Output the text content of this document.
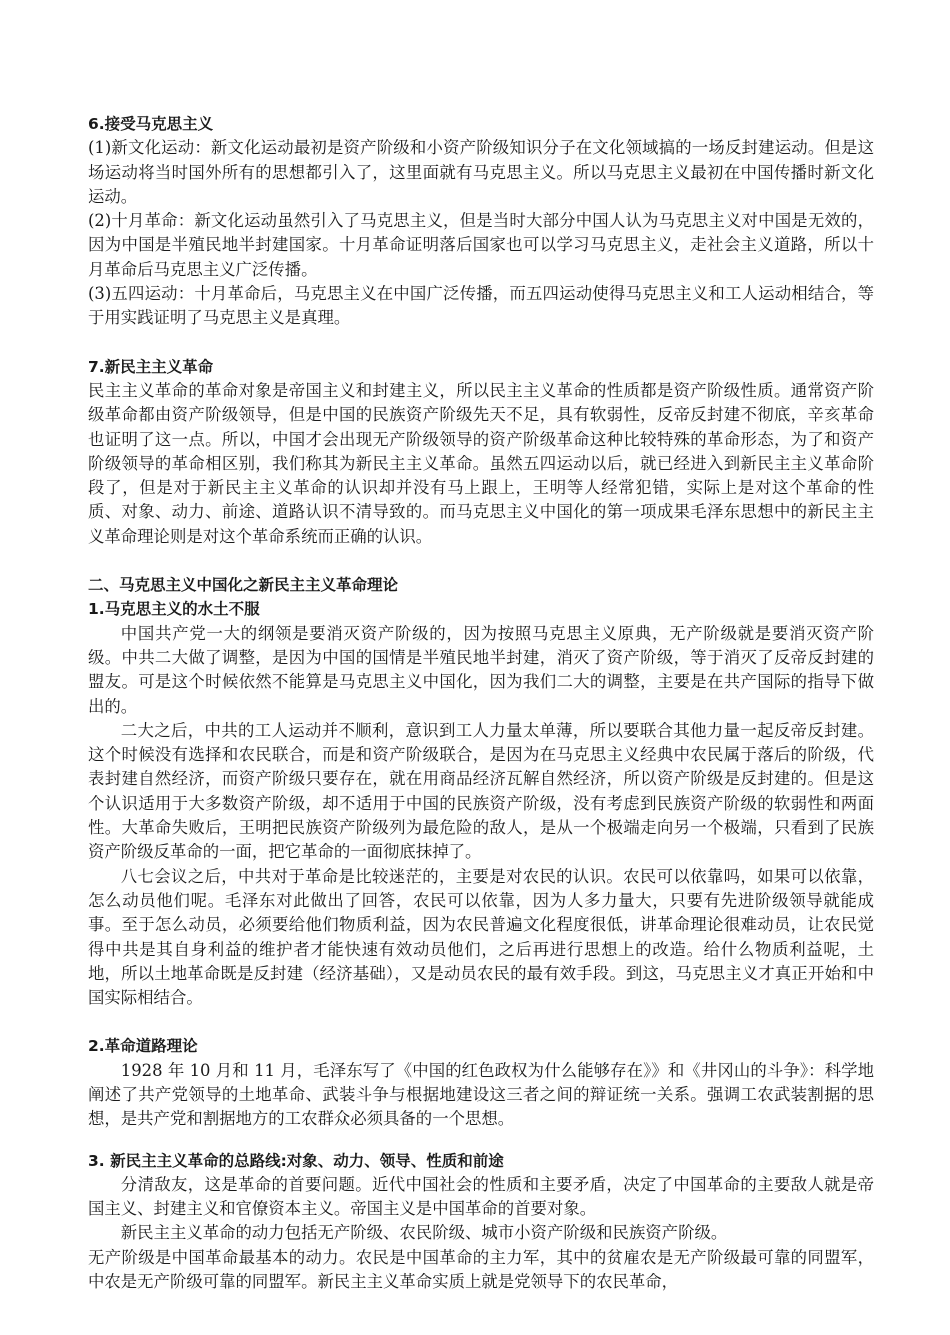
6.接受马克思主义

(1)新文化运动：新文化运动最初是资产阶级和小资产阶级知识分子在文化领域搞的一场反封建运动。但是这场运动将当时国外所有的思想都引入了，这里面就有马克思主义。所以马克思主义最初在中国传播时新文化运动。

(2)十月革命：新文化运动虽然引入了马克思主义，但是当时大部分中国人认为马克思主义对中国是无效的，因为中国是半殖民地半封建国家。十月革命证明落后国家也可以学习马克思主义，走社会主义道路，所以十月革命后马克思主义广泛传播。

(3)五四运动：十月革命后，马克思主义在中国广泛传播，而五四运动使得马克思主义和工人运动相结合，等于用实践证明了马克思主义是真理。

7.新民主主义革命

民主主义革命的革命对象是帝国主义和封建主义，所以民主主义革命的性质都是资产阶级性质。通常资产阶级革命都由资产阶级领导，但是中国的民族资产阶级先天不足，具有软弱性，反帝反封建不彻底，辛亥革命也证明了这一点。所以，中国才会出现无产阶级领导的资产阶级革命这种比较特殊的革命形态，为了和资产阶级领导的革命相区别，我们称其为新民主主义革命。虽然五四运动以后，就已经进入到新民主主义革命阶段了，但是对于新民主主义革命的认识却并没有马上跟上，王明等人经常犯错，实际上是对这个革命的性质、对象、动力、前途、道路认识不清导致的。而马克思主义中国化的第一项成果毛泽东思想中的新民主主义革命理论则是对这个革命系统而正确的认识。

二、马克思主义中国化之新民主主义革命理论

1.马克思主义的水土不服

中国共产党一大的纲领是要消灭资产阶级的，因为按照马克思主义原典，无产阶级就是要消灭资产阶级。中共二大做了调整，是因为中国的国情是半殖民地半封建，消灭了资产阶级，等于消灭了反帝反封建的盟友。可是这个时候依然不能算是马克思主义中国化，因为我们二大的调整，主要是在共产国际的指导下做出的。

二大之后，中共的工人运动并不顺利，意识到工人力量太单薄，所以要联合其他力量一起反帝反封建。这个时候没有选择和农民联合，而是和资产阶级联合，是因为在马克思主义经典中农民属于落后的阶级，代表封建自然经济，而资产阶级只要存在，就在用商品经济瓦解自然经济，所以资产阶级是反封建的。但是这个认识适用于大多数资产阶级，却不适用于中国的民族资产阶级，没有考虑到民族资产阶级的软弱性和两面性。大革命失败后，王明把民族资产阶级列为最危险的敌人，是从一个极端走向另一个极端，只看到了民族资产阶级反革命的一面，把它革命的一面彻底抹掉了。

八七会议之后，中共对于革命是比较迷茫的，主要是对农民的认识。农民可以依靠吗，如果可以依靠，怎么动员他们呢。毛泽东对此做出了回答，农民可以依靠，因为人多力量大，只要有先进阶级领导就能成事。至于怎么动员，必须要给他们物质利益，因为农民普遍文化程度很低，讲革命理论很难动员，让农民觉得中共是其自身利益的维护者才能快速有效动员他们，之后再进行思想上的改造。给什么物质利益呢，土地，所以土地革命既是反封建（经济基础），又是动员农民的最有效手段。到这，马克思主义才真正开始和中国实际相结合。

2.革命道路理论

1928 年 10 月和 11 月，毛泽东写了《中国的红色政权为什么能够存在》》和《井冈山的斗争》：科学地阐述了共产党领导的土地革命、武装斗争与根据地建设这三者之间的辩证统一关系。强调工农武装割据的思想，是共产党和割据地方的工农群众必须具备的一个思想。

3. 新民主主义革命的总路线:对象、动力、领导、性质和前途

分清敌友，这是革命的首要问题。近代中国社会的性质和主要矛盾，决定了中国革命的主要敌人就是帝国主义、封建主义和官僚资本主义。帝国主义是中国革命的首要对象。

新民主主义革命的动力包括无产阶级、农民阶级、城市小资产阶级和民族资产阶级。

无产阶级是中国革命最基本的动力。农民是中国革命的主力军，其中的贫雇农是无产阶级最可靠的同盟军，中农是无产阶级可靠的同盟军。新民主主义革命实质上就是党领导下的农民革命，
